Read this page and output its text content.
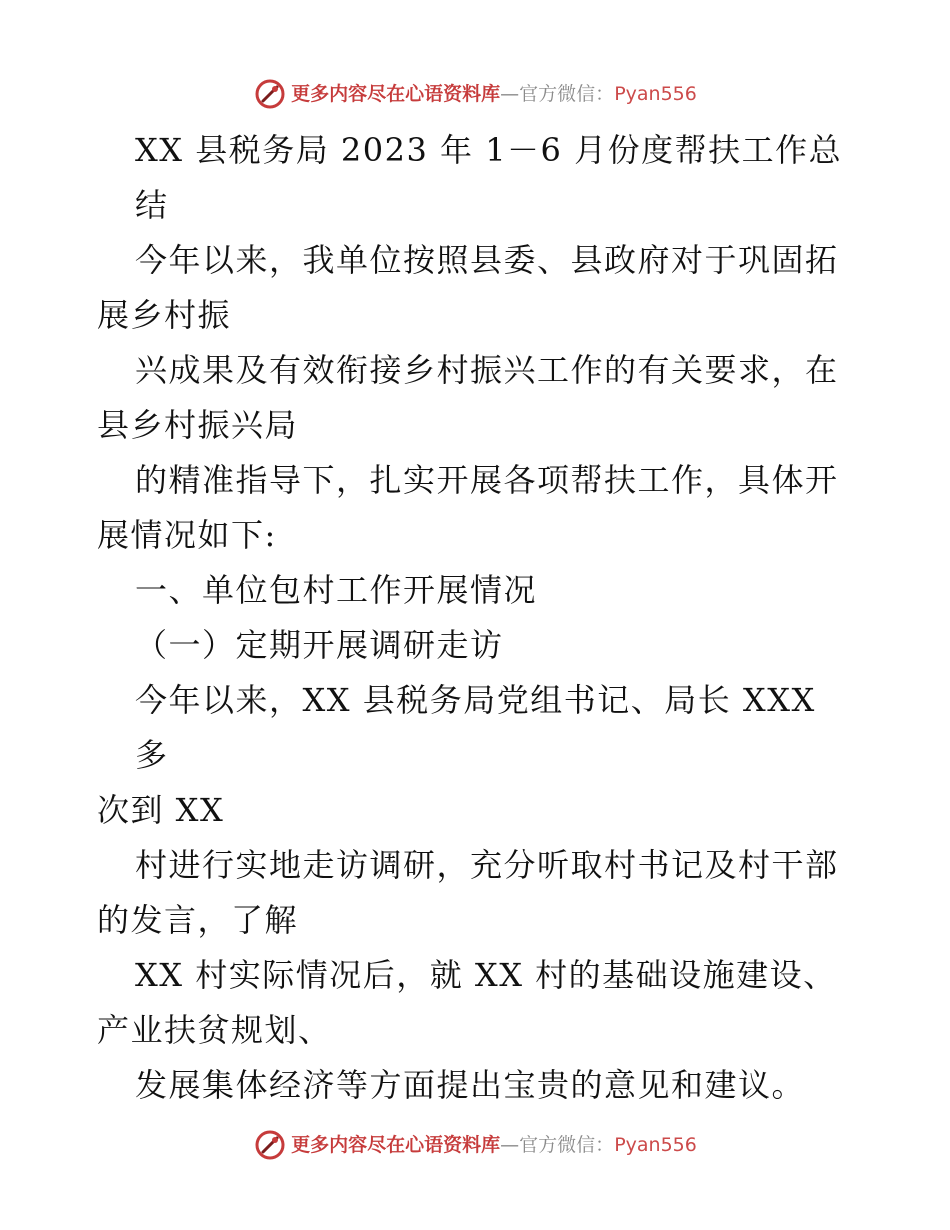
更多内容尽在心语资料库 — 官方微信： Pyan556

XX 县税务局 2023 年 1－6 月份度帮扶工作总结

今年以来，我单位按照县委、县政府对于巩固拓

展乡村振

兴成果及有效衔接乡村振兴工作的有关要求，在

县乡村振兴局

的精准指导下，扎实开展各项帮扶工作，具体开

展情况如下:

一、单位包村工作开展情况

（一）定期开展调研走访

今年以来，XX 县税务局党组书记、局长 XXX 多

次到 XX

村进行实地走访调研，充分听取村书记及村干部

的发言，了解

XX 村实际情况后，就 XX 村的基础设施建设、

产业扶贫规划、

发展集体经济等方面提出宝贵的意见和建议。

更多内容尽在心语资料库 — 官方微信： Pyan556
